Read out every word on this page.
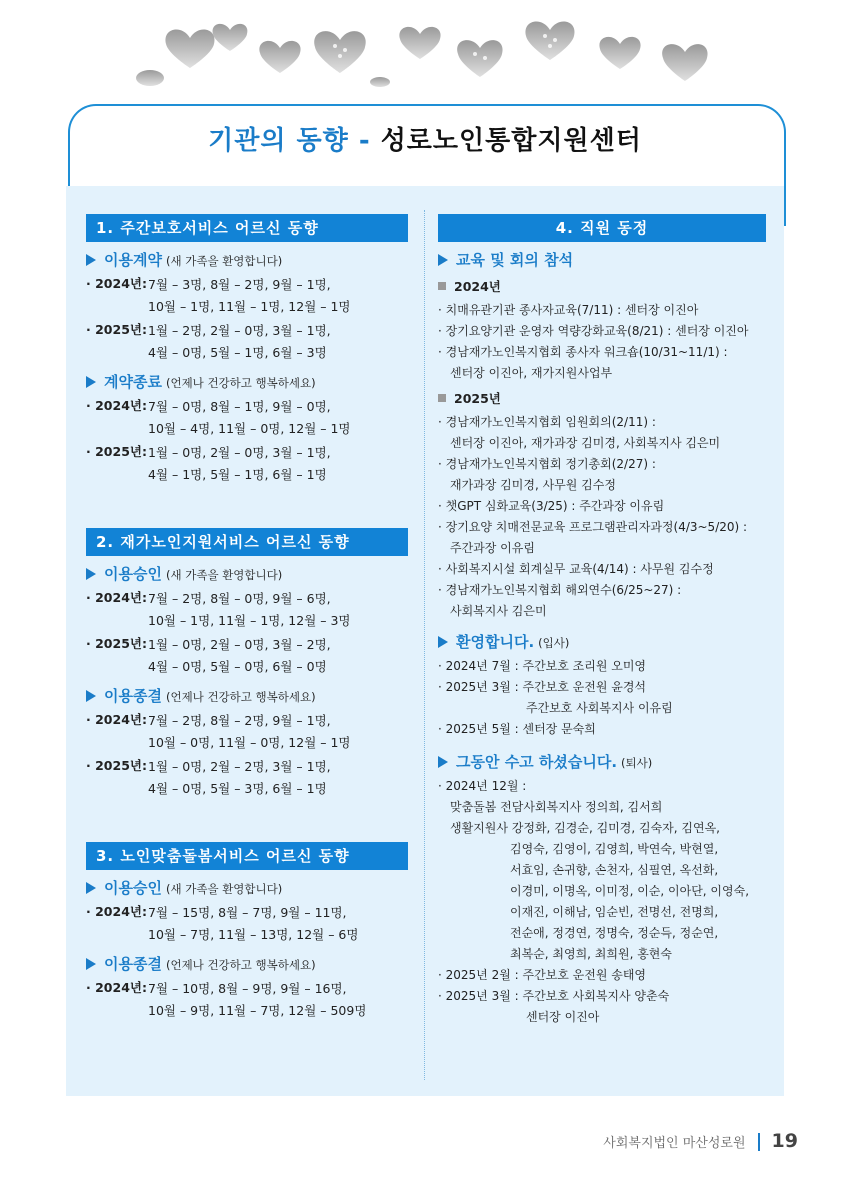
기관의 동향 - 성로노인통합지원센터
1. 주간보호서비스 어르신 동향
이용계약 (새 가족을 환영합니다)
· 2024년: 7월 – 3명, 8월 – 2명, 9월 – 1명,
10월 – 1명, 11월 – 1명, 12월 – 1명
· 2025년: 1월 – 2명, 2월 – 0명, 3월 – 1명,
4월 – 0명, 5월 – 1명, 6월 – 3명
계약종료 (언제나 건강하고 행복하세요)
· 2024년: 7월 – 0명, 8월 – 1명, 9월 – 0명,
10월 – 4명, 11월 – 0명, 12월 – 1명
· 2025년: 1월 – 0명, 2월 – 0명, 3월 – 1명,
4월 – 1명, 5월 – 1명, 6월 – 1명
2. 재가노인지원서비스 어르신 동향
이용승인 (새 가족을 환영합니다)
· 2024년: 7월 – 2명, 8월 – 0명, 9월 – 6명,
10월 – 1명, 11월 – 1명, 12월 – 3명
· 2025년: 1월 – 0명, 2월 – 0명, 3월 – 2명,
4월 – 0명, 5월 – 0명, 6월 – 0명
이용종결 (언제나 건강하고 행복하세요)
· 2024년: 7월 – 2명, 8월 – 2명, 9월 – 1명,
10월 – 0명, 11월 – 0명, 12월 – 1명
· 2025년: 1월 – 0명, 2월 – 2명, 3월 – 1명,
4월 – 0명, 5월 – 3명, 6월 – 1명
3. 노인맞춤돌봄서비스 어르신 동향
이용승인 (새 가족을 환영합니다)
· 2024년: 7월 – 15명, 8월 – 7명, 9월 – 11명,
10월 – 7명, 11월 – 13명, 12월 – 6명
이용종결 (언제나 건강하고 행복하세요)
· 2024년: 7월 – 10명, 8월 – 9명, 9월 – 16명,
10월 – 9명, 11월 – 7명, 12월 – 509명
4. 직원 동정
교육 및 회의 참석
2024년
· 치매유관기관 종사자교육(7/11) : 센터장 이진아
· 장기요양기관 운영자 역량강화교육(8/21) : 센터장 이진아
· 경남재가노인복지협회 종사자 워크숍(10/31~11/1) :
센터장 이진아, 재가지원사업부
2025년
· 경남재가노인복지협회 임원회의(2/11) :
센터장 이진아, 재가과장 김미경, 사회복지사 김은미
· 경남재가노인복지협회 정기총회(2/27) :
재가과장 김미경, 사무원 김수정
· 챗GPT 심화교육(3/25) : 주간과장 이유림
· 장기요양 치매전문교육 프로그램관리자과정(4/3~5/20) :
주간과장 이유림
· 사회복지시설 회계실무 교육(4/14) : 사무원 김수정
· 경남재가노인복지협회 해외연수(6/25~27) :
사회복지사 김은미
환영합니다. (입사)
· 2024년 7월 : 주간보호 조리원 오미영
· 2025년 3월 : 주간보호 운전원 윤경석
주간보호 사회복지사 이유림
· 2025년 5월 : 센터장 문숙희
그동안 수고 하셨습니다. (퇴사)
· 2024년 12월 :
맞춤돌봄 전담사회복지사 정의희, 김서희
생활지원사 강정화, 김경순, 김미경, 김숙자, 김연옥,
김영숙, 김영이, 김영희, 박연숙, 박현열,
서효임, 손귀향, 손천자, 심필연, 옥선화,
이경미, 이명옥, 이미정, 이순, 이아단, 이영숙,
이재진, 이해남, 임순빈, 전명선, 전명희,
전순애, 정경연, 정명숙, 정순득, 정순연,
최복순, 최영희, 최희원, 홍현숙
· 2025년 2월 : 주간보호 운전원 송태영
· 2025년 3월 : 주간보호 사회복지사 양춘숙
센터장 이진아
사회복지법인 마산성로원 19
